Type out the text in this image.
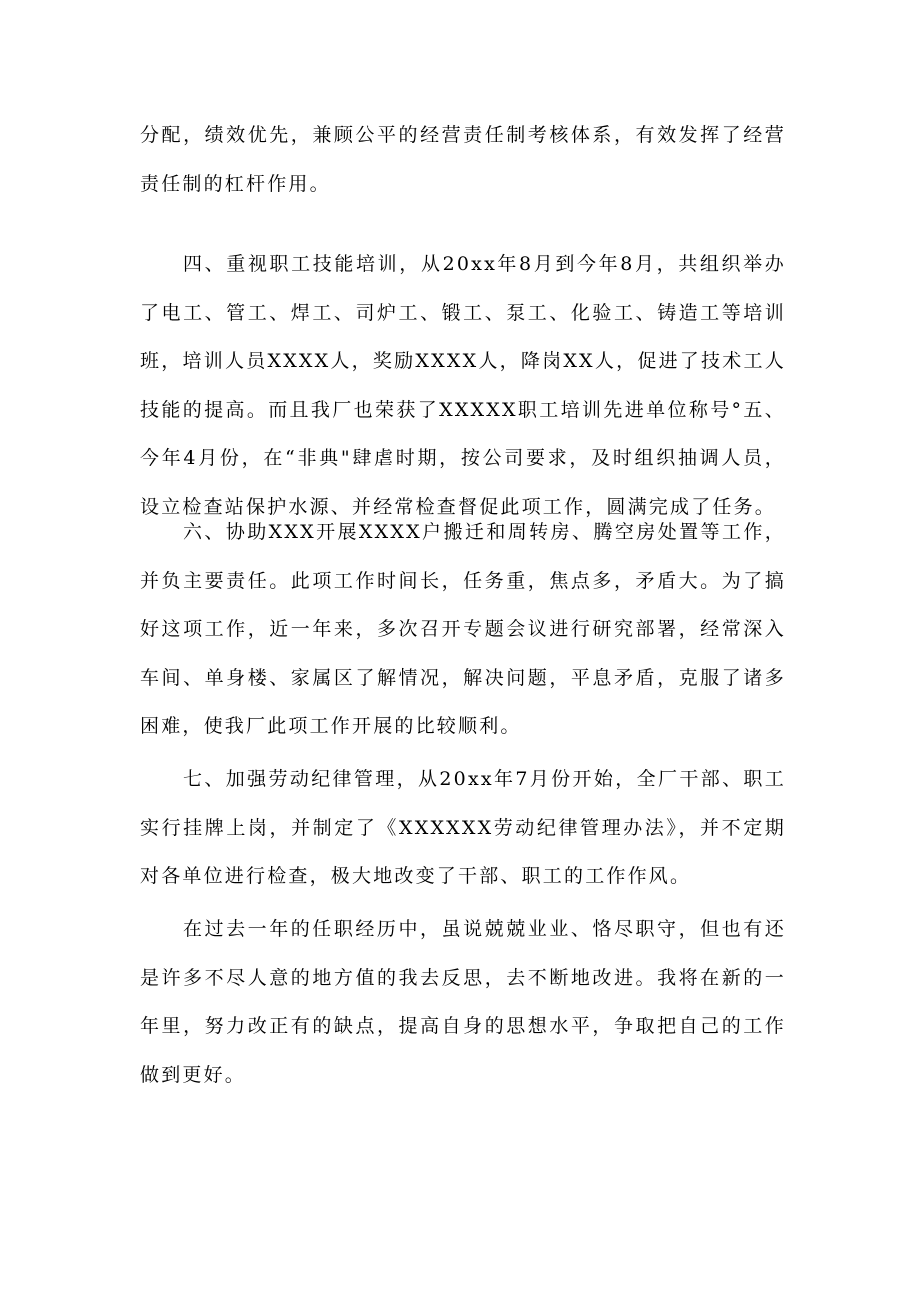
分配，绩效优先，兼顾公平的经营责任制考核体系，有效发挥了经营责任制的杠杆作用。

四、重视职工技能培训，从20xx年8月到今年8月，共组织举办了电工、管工、焊工、司炉工、锻工、泵工、化验工、铸造工等培训班，培训人员XXXX人，奖励XXXX人，降岗XX人，促进了技术工人技能的提高。而且我厂也荣获了XXXXX职工培训先进单位称号°五、今年4月份，在“非典"肆虐时期，按公司要求，及时组织抽调人员，设立检查站保护水源、并经常检查督促此项工作，圆满完成了任务。

六、协助XXX开展XXXX户搬迁和周转房、腾空房处置等工作，并负主要责任。此项工作时间长，任务重，焦点多，矛盾大。为了搞好这项工作，近一年来，多次召开专题会议进行研究部署，经常深入车间、单身楼、家属区了解情况，解决问题，平息矛盾，克服了诸多困难，使我厂此项工作开展的比较顺利。

七、加强劳动纪律管理，从20xx年7月份开始，全厂干部、职工实行挂牌上岗，并制定了《XXXXXX劳动纪律管理办法》，并不定期对各单位进行检查，极大地改变了干部、职工的工作作风。

在过去一年的任职经历中，虽说兢兢业业、恪尽职守，但也有还是许多不尽人意的地方值的我去反思，去不断地改进。我将在新的一年里，努力改正有的缺点，提高自身的思想水平，争取把自己的工作做到更好。
